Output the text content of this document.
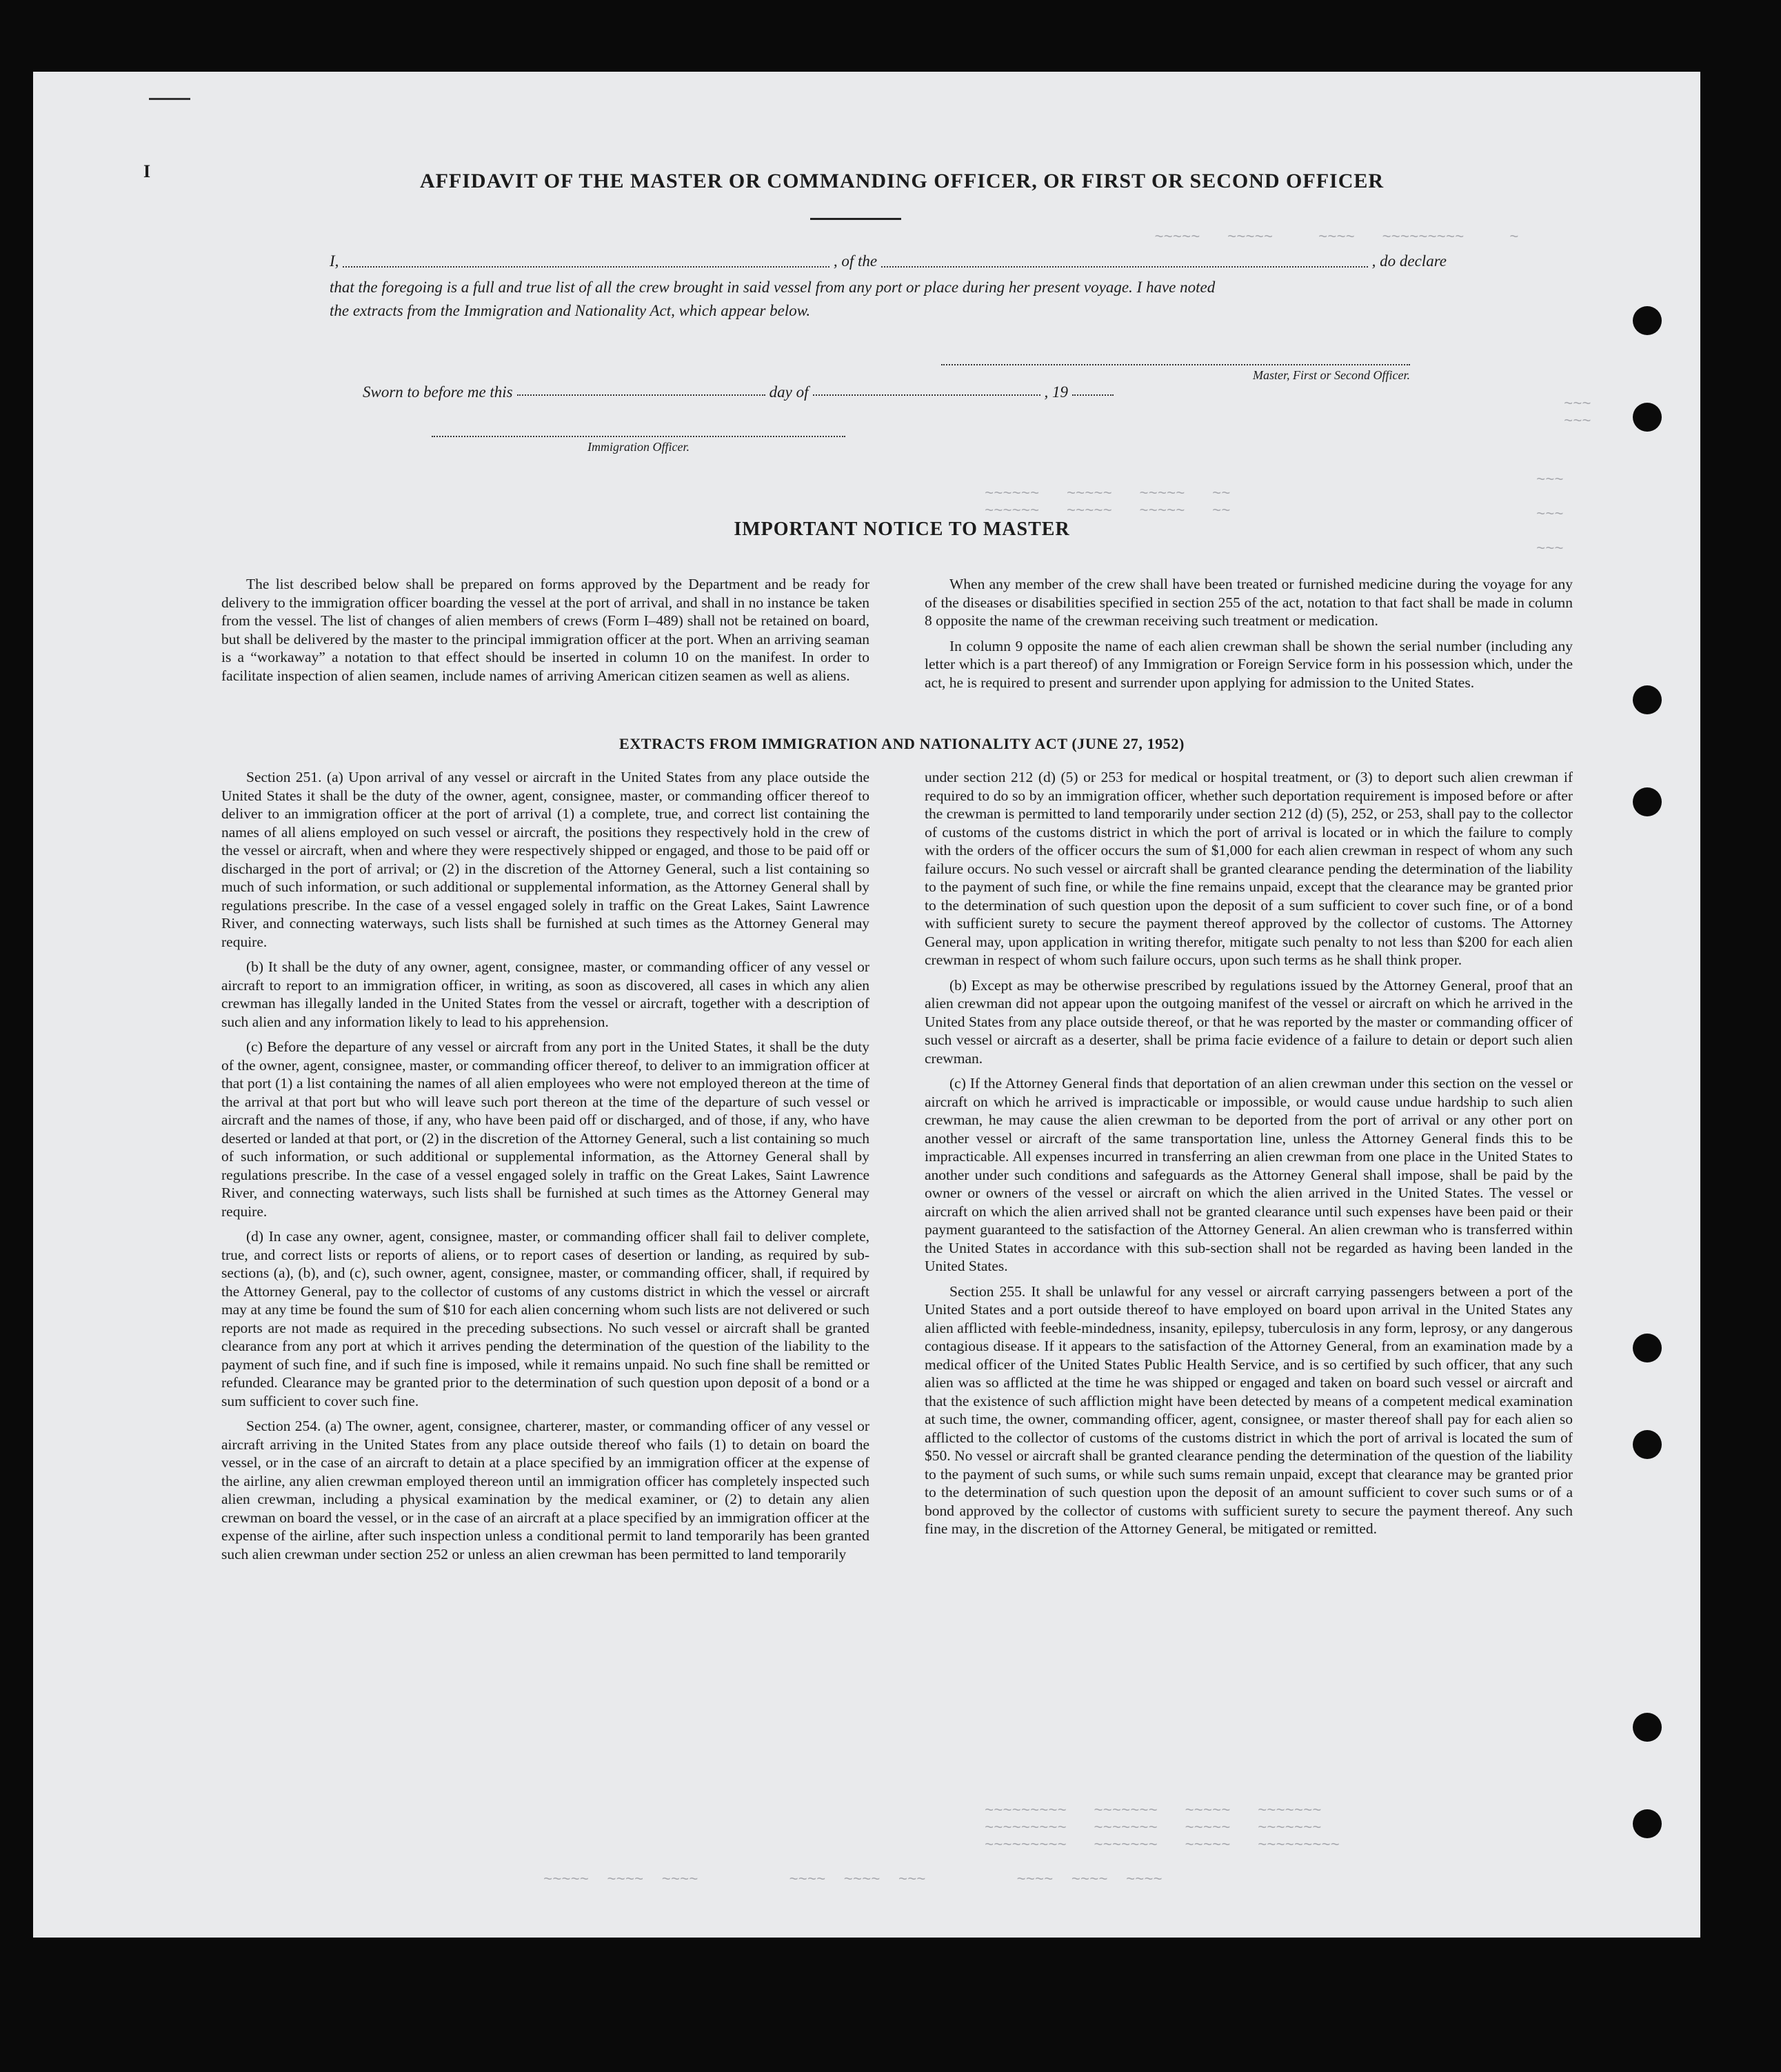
I
~~~~~   ~~~~~     ~~~~   ~~~~~~~~~     ~
~~~
~~~
~~~

~~~

~~~
~~~~~~   ~~~~~   ~~~~~   ~~
~~~~~~   ~~~~~   ~~~~~   ~~
~~~~~~~~~   ~~~~~~~   ~~~~~   ~~~~~~~
~~~~~~~~~   ~~~~~~~   ~~~~~   ~~~~~~~
~~~~~~~~~   ~~~~~~~   ~~~~~   ~~~~~~~~~
~~~~~  ~~~~  ~~~~          ~~~~  ~~~~  ~~~          ~~~~  ~~~~  ~~~~
AFFIDAVIT OF THE MASTER OR COMMANDING OFFICER, OR FIRST OR SECOND OFFICER
I,	, of the	, do declare
that the foregoing is a full and true list of all the crew brought in said vessel from any port or place during her present voyage. I have noted
the extracts from the Immigration and Nationality Act, which appear below.
Master, First or Second Officer.
Sworn to before me this	day of	, 19
Immigration Officer.
IMPORTANT NOTICE TO MASTER

The list described below shall be prepared on forms approved by the Department and be ready for delivery to the immigration officer boarding the vessel at the port of arrival, and shall in no instance be taken from the vessel. The list of changes of alien members of crews (Form I–489) shall not be retained on board, but shall be delivered by the master to the principal immigration officer at the port. When an arriving seaman is a “workaway” a notation to that effect should be inserted in column 10 on the manifest. In order to facilitate inspection of alien seamen, include names of arriving American citizen seamen as well as aliens.

When any member of the crew shall have been treated or furnished medicine during the voyage for any of the diseases or disabilities specified in section 255 of the act, notation to that fact shall be made in column 8 opposite the name of the crewman receiving such treatment or medication.

In column 9 opposite the name of each alien crewman shall be shown the serial number (including any letter which is a part thereof) of any Immigration or Foreign Service form in his possession which, under the act, he is required to present and surrender upon applying for admission to the United States.

EXTRACTS FROM IMMIGRATION AND NATIONALITY ACT (JUNE 27, 1952)

Section 251. (a) Upon arrival of any vessel or aircraft in the United States from any place outside the United States it shall be the duty of the owner, agent, consignee, master, or commanding officer thereof to deliver to an immigration officer at the port of arrival (1) a complete, true, and correct list containing the names of all aliens employed on such vessel or aircraft, the positions they respectively hold in the crew of the vessel or aircraft, when and where they were respectively shipped or engaged, and those to be paid off or discharged in the port of arrival; or (2) in the discretion of the Attorney General, such a list containing so much of such information, or such additional or supplemental information, as the Attorney General shall by regulations prescribe. In the case of a vessel engaged solely in traffic on the Great Lakes, Saint Lawrence River, and connecting waterways, such lists shall be furnished at such times as the Attorney General may require.

(b) It shall be the duty of any owner, agent, consignee, master, or commanding officer of any vessel or aircraft to report to an immigration officer, in writing, as soon as discovered, all cases in which any alien crewman has illegally landed in the United States from the vessel or aircraft, together with a description of such alien and any information likely to lead to his apprehension.

(c) Before the departure of any vessel or aircraft from any port in the United States, it shall be the duty of the owner, agent, consignee, master, or commanding officer thereof, to deliver to an immigration officer at that port (1) a list containing the names of all alien employees who were not employed thereon at the time of the arrival at that port but who will leave such port thereon at the time of the departure of such vessel or aircraft and the names of those, if any, who have been paid off or discharged, and of those, if any, who have deserted or landed at that port, or (2) in the discretion of the Attorney General, such a list containing so much of such information, or such additional or supplemental information, as the Attorney General shall by regulations prescribe. In the case of a vessel engaged solely in traffic on the Great Lakes, Saint Lawrence River, and connecting waterways, such lists shall be furnished at such times as the Attorney General may require.

(d) In case any owner, agent, consignee, master, or commanding officer shall fail to deliver complete, true, and correct lists or reports of aliens, or to report cases of desertion or landing, as required by sub-sections (a), (b), and (c), such owner, agent, consignee, master, or commanding officer, shall, if required by the Attorney General, pay to the collector of customs of any customs district in which the vessel or aircraft may at any time be found the sum of $10 for each alien concerning whom such lists are not delivered or such reports are not made as required in the preceding subsections. No such vessel or aircraft shall be granted clearance from any port at which it arrives pending the determination of the question of the liability to the payment of such fine, and if such fine is imposed, while it remains unpaid. No such fine shall be remitted or refunded. Clearance may be granted prior to the determination of such question upon deposit of a bond or a sum sufficient to cover such fine.

Section 254. (a) The owner, agent, consignee, charterer, master, or commanding officer of any vessel or aircraft arriving in the United States from any place outside thereof who fails (1) to detain on board the vessel, or in the case of an aircraft to detain at a place specified by an immigration officer at the expense of the airline, any alien crewman employed thereon until an immigration officer has completely inspected such alien crewman, including a physical examination by the medical examiner, or (2) to detain any alien crewman on board the vessel, or in the case of an aircraft at a place specified by an immigration officer at the expense of the airline, after such inspection unless a conditional permit to land temporarily has been granted such alien crewman under section 252 or unless an alien crewman has been permitted to land temporarily

under section 212 (d) (5) or 253 for medical or hospital treatment, or (3) to deport such alien crewman if required to do so by an immigration officer, whether such deportation requirement is imposed before or after the crewman is permitted to land temporarily under section 212 (d) (5), 252, or 253, shall pay to the collector of customs of the customs district in which the port of arrival is located or in which the failure to comply with the orders of the officer occurs the sum of $1,000 for each alien crewman in respect of whom any such failure occurs. No such vessel or aircraft shall be granted clearance pending the determination of the liability to the payment of such fine, or while the fine remains unpaid, except that the clearance may be granted prior to the determination of such question upon the deposit of a sum sufficient to cover such fine, or of a bond with sufficient surety to secure the payment thereof approved by the collector of customs. The Attorney General may, upon application in writing therefor, mitigate such penalty to not less than $200 for each alien crewman in respect of whom such failure occurs, upon such terms as he shall think proper.

(b) Except as may be otherwise prescribed by regulations issued by the Attorney General, proof that an alien crewman did not appear upon the outgoing manifest of the vessel or aircraft on which he arrived in the United States from any place outside thereof, or that he was reported by the master or commanding officer of such vessel or aircraft as a deserter, shall be prima facie evidence of a failure to detain or deport such alien crewman.

(c) If the Attorney General finds that deportation of an alien crewman under this section on the vessel or aircraft on which he arrived is impracticable or impossible, or would cause undue hardship to such alien crewman, he may cause the alien crewman to be deported from the port of arrival or any other port on another vessel or aircraft of the same transportation line, unless the Attorney General finds this to be impracticable. All expenses incurred in transferring an alien crewman from one place in the United States to another under such conditions and safeguards as the Attorney General shall impose, shall be paid by the owner or owners of the vessel or aircraft on which the alien arrived in the United States. The vessel or aircraft on which the alien arrived shall not be granted clearance until such expenses have been paid or their payment guaranteed to the satisfaction of the Attorney General. An alien crewman who is transferred within the United States in accordance with this sub-section shall not be regarded as having been landed in the United States.

Section 255. It shall be unlawful for any vessel or aircraft carrying passengers between a port of the United States and a port outside thereof to have employed on board upon arrival in the United States any alien afflicted with feeble-mindedness, insanity, epilepsy, tuberculosis in any form, leprosy, or any dangerous contagious disease. If it appears to the satisfaction of the Attorney General, from an examination made by a medical officer of the United States Public Health Service, and is so certified by such officer, that any such alien was so afflicted at the time he was shipped or engaged and taken on board such vessel or aircraft and that the existence of such affliction might have been detected by means of a competent medical examination at such time, the owner, commanding officer, agent, consignee, or master thereof shall pay for each alien so afflicted to the collector of customs of the customs district in which the port of arrival is located the sum of $50. No vessel or aircraft shall be granted clearance pending the determination of the question of the liability to the payment of such sums, or while such sums remain unpaid, except that clearance may be granted prior to the determination of such question upon the deposit of an amount sufficient to cover such sums or of a bond approved by the collector of customs with sufficient surety to secure the payment thereof. Any such fine may, in the discretion of the Attorney General, be mitigated or remitted.
